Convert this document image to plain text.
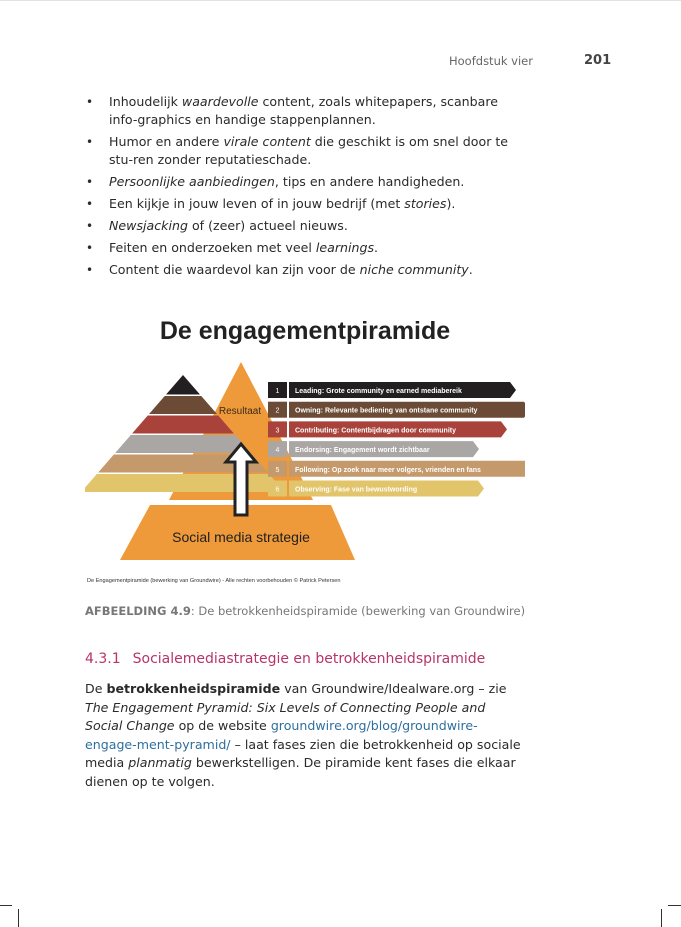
Hoofdstuk vier	201
• Inhoudelijk waardevolle content, zoals whitepapers, scanbare info-graphics en handige stappenplannen.
• Humor en andere virale content die geschikt is om snel door te stu-ren zonder reputatieschade.
• Persoonlijke aanbiedingen, tips en andere handigheden.
• Een kijkje in jouw leven of in jouw bedrijf (met stories).
• Newsjacking of (zeer) actueel nieuws.
• Feiten en onderzoeken met veel learnings.
• Content die waardevol kan zijn voor de niche community.
De engagementpiramide
1 Leading: Grote community en earned mediabereik
2 Owning: Relevante bediening van ontstane community
3 Contributing: Contentbijdragen door community
4 Endorsing: Engagement wordt zichtbaar
5 Following: Op zoek naar meer volgers, vrienden en fans
6 Observing: Fase van bewustwording
Resultaat
Social media strategie
De Engagementpiramide (bewerking van Groundwire) - Alle rechten voorbehouden © Patrick Petersen
AFBEELDING 4.9: De betrokkenheidspiramide (bewerking van Groundwire)
4.3.1 Socialemediastrategie en betrokkenheidspiramide
De betrokkenheidspiramide van Groundwire/Idealware.org – zie The Engagement Pyramid: Six Levels of Connecting People and Social Change op de website groundwire.org/blog/groundwire-engage-ment-pyramid/ – laat fases zien die betrokkenheid op sociale media planmatig bewerkstelligen. De piramide kent fases die elkaar dienen op te volgen.
